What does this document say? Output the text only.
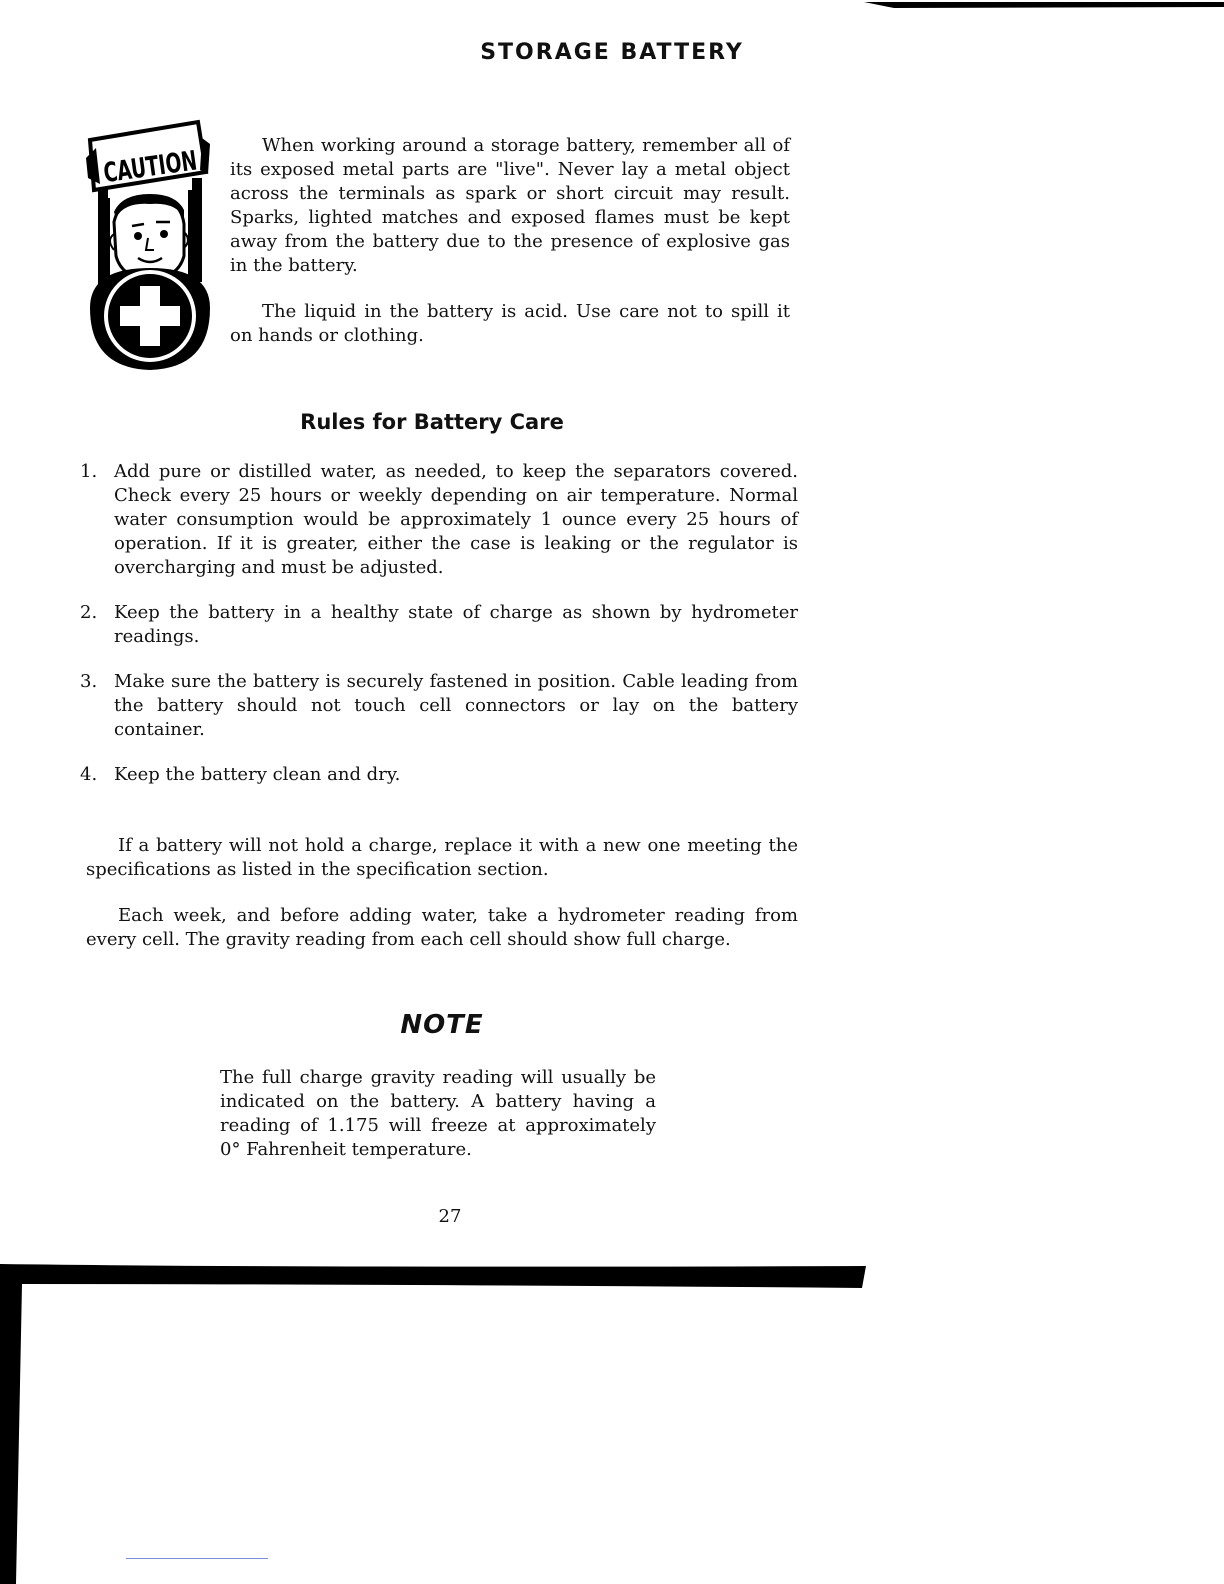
STORAGE BATTERY
CAUTION	When working around a storage battery, remember all of its exposed metal parts are "live". Never lay a metal object across the terminals as spark or short circuit may result. Sparks, lighted matches and exposed flames must be kept away from the battery due to the presence of explosive gas in the battery.

The liquid in the battery is acid. Use care not to spill it on hands or clothing.

Rules for Battery Care
1. Add pure or distilled water, as needed, to keep the separators covered. Check every 25 hours or weekly depending on air temperature. Normal water consumption would be approximately 1 ounce every 25 hours of operation. If it is greater, either the case is leaking or the regulator is overcharging and must be adjusted.
2. Keep the battery in a healthy state of charge as shown by hydrometer readings.
3. Make sure the battery is securely fastened in position. Cable leading from the battery should not touch cell connectors or lay on the battery container.
4. Keep the battery clean and dry.

If a battery will not hold a charge, replace it with a new one meeting the specifications as listed in the specification section.

Each week, and before adding water, take a hydrometer reading from every cell. The gravity reading from each cell should show full charge.

NOTE

The full charge gravity reading will usually be indicated on the battery. A battery having a reading of 1.175 will freeze at approximately 0° Fahrenheit temperature.

27
